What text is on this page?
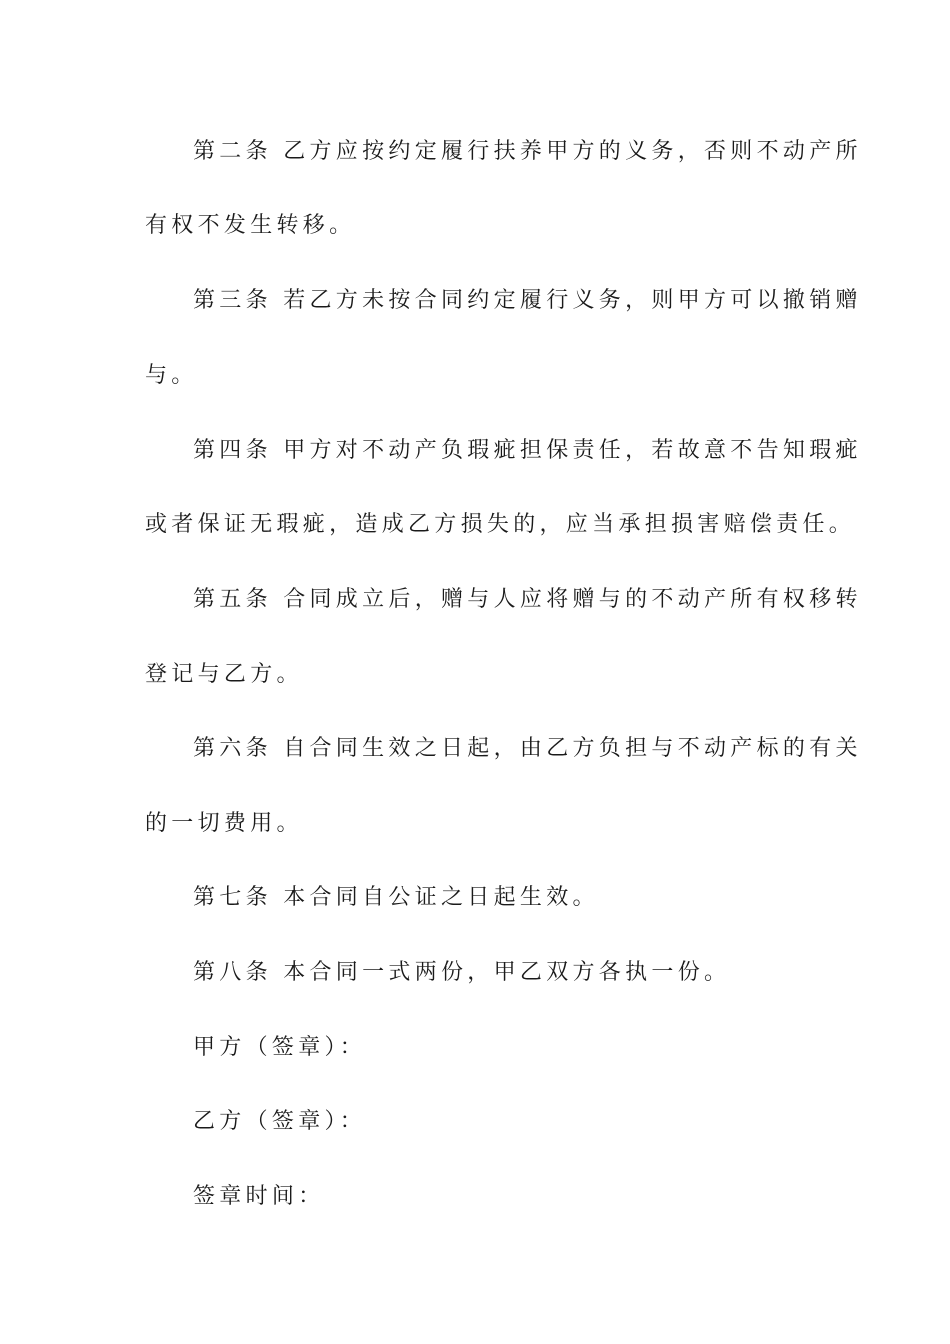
第二条 乙方应按约定履行扶养甲方的义务，否则不动产所

有权不发生转移。

第三条 若乙方未按合同约定履行义务，则甲方可以撤销赠

与。

第四条 甲方对不动产负瑕疵担保责任，若故意不告知瑕疵

或者保证无瑕疵，造成乙方损失的，应当承担损害赔偿责任。

第五条 合同成立后，赠与人应将赠与的不动产所有权移转

登记与乙方。

第六条 自合同生效之日起，由乙方负担与不动产标的有关

的一切费用。

第七条 本合同自公证之日起生效。

第八条 本合同一式两份，甲乙双方各执一份。

甲方（签章）：

乙方（签章）：

签章时间：
